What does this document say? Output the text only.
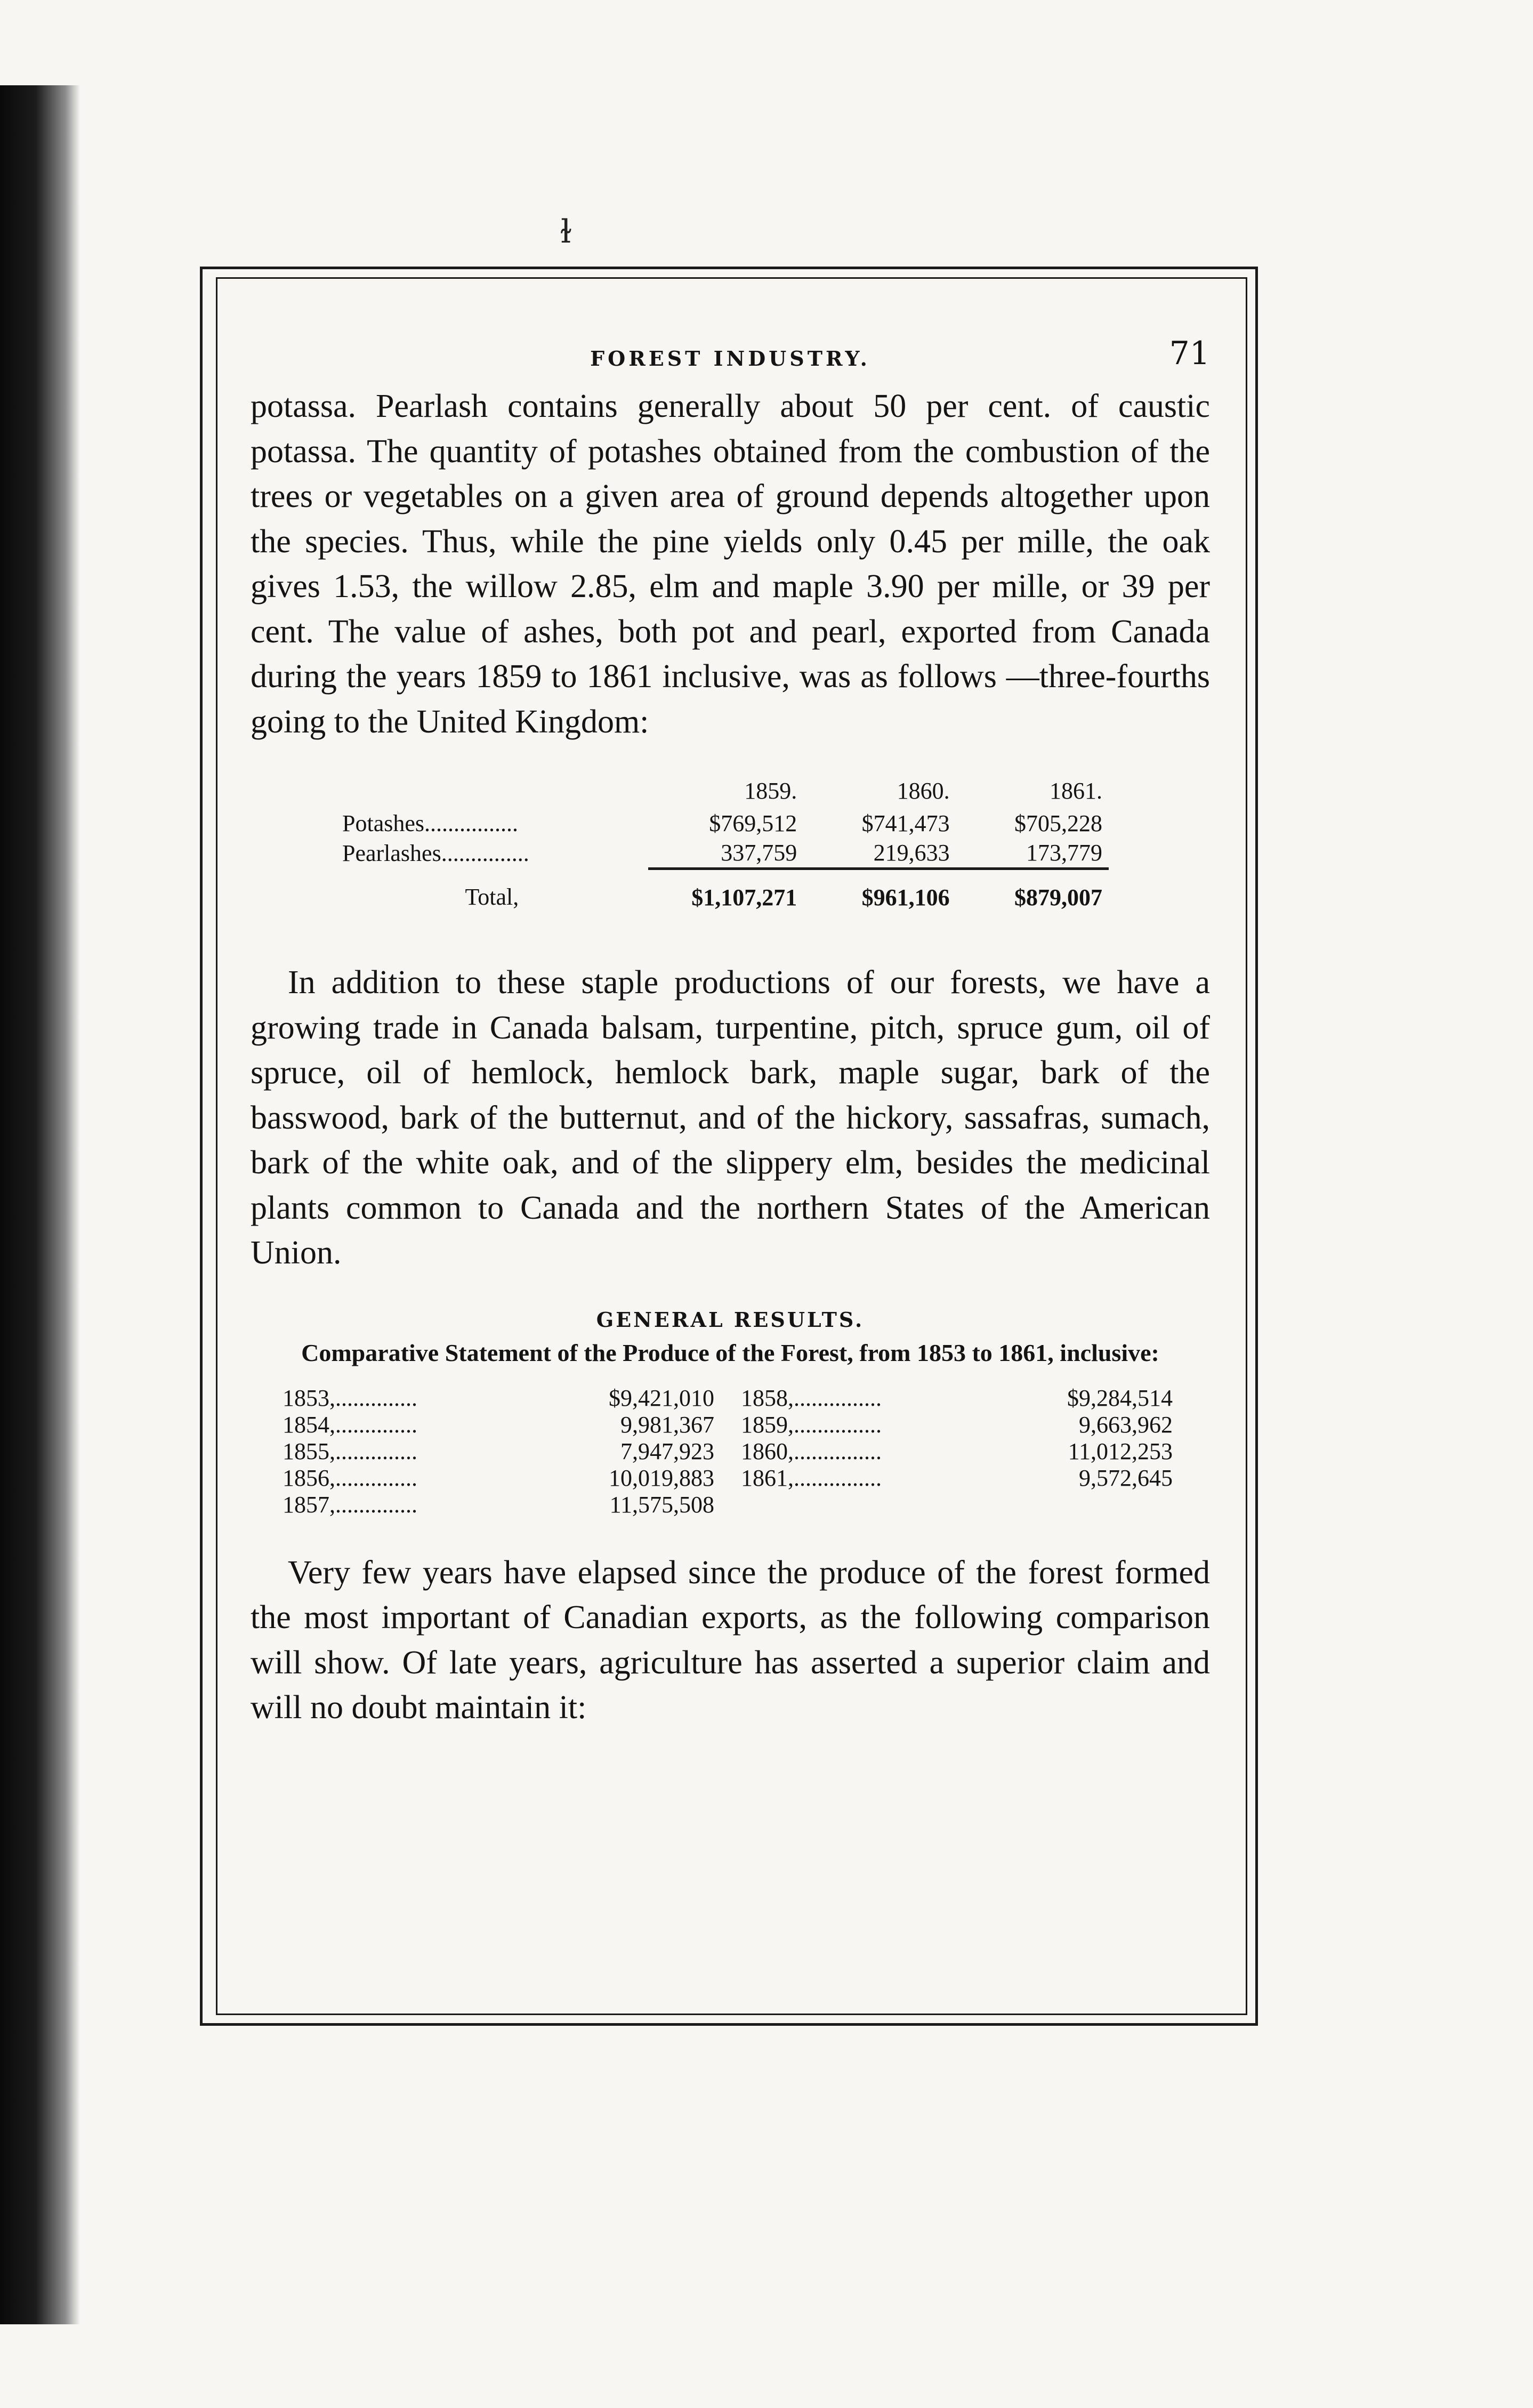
ɫ
FOREST INDUSTRY.	71

potassa. Pearlash contains generally about 50 per cent. of caustic potassa. The quantity of potashes obtained from the combustion of the trees or vegetables on a given area of ground depends altogether upon the species. Thus, while the pine yields only 0.45 per mille, the oak gives 1.53, the willow 2.85, elm and maple 3.90 per mille, or 39 per cent. The value of ashes, both pot and pearl, exported from Canada during the years 1859 to 1861 inclusive, was as follows —three-fourths going to the United Kingdom:

	1859.	1860.	1861.
Potashes................	$769,512	$741,473	$705,228
Pearlashes...............	337,759	219,633	173,779
Total,	$1,107,271	$961,106	$879,007

In addition to these staple productions of our forests, we have a growing trade in Canada balsam, turpentine, pitch, spruce gum, oil of spruce, oil of hemlock, hemlock bark, maple sugar, bark of the basswood, bark of the butternut, and of the hickory, sassafras, sumach, bark of the white oak, and of the slippery elm, besides the medicinal plants common to Canada and the northern States of the American Union.

GENERAL RESULTS.

Comparative Statement of the Produce of the Forest, from 1853 to 1861, inclusive:

1853,..............	$9,421,010 1858,...............	$9,284,514
1854,..............	9,981,367 1859,...............	9,663,962
1855,..............	7,947,923 1860,...............	11,012,253
1856,..............	10,019,883 1861,...............	9,572,645
1857,..............	11,575,508

Very few years have elapsed since the produce of the forest formed the most important of Canadian exports, as the following comparison will show. Of late years, agriculture has asserted a superior claim and will no doubt maintain it:
